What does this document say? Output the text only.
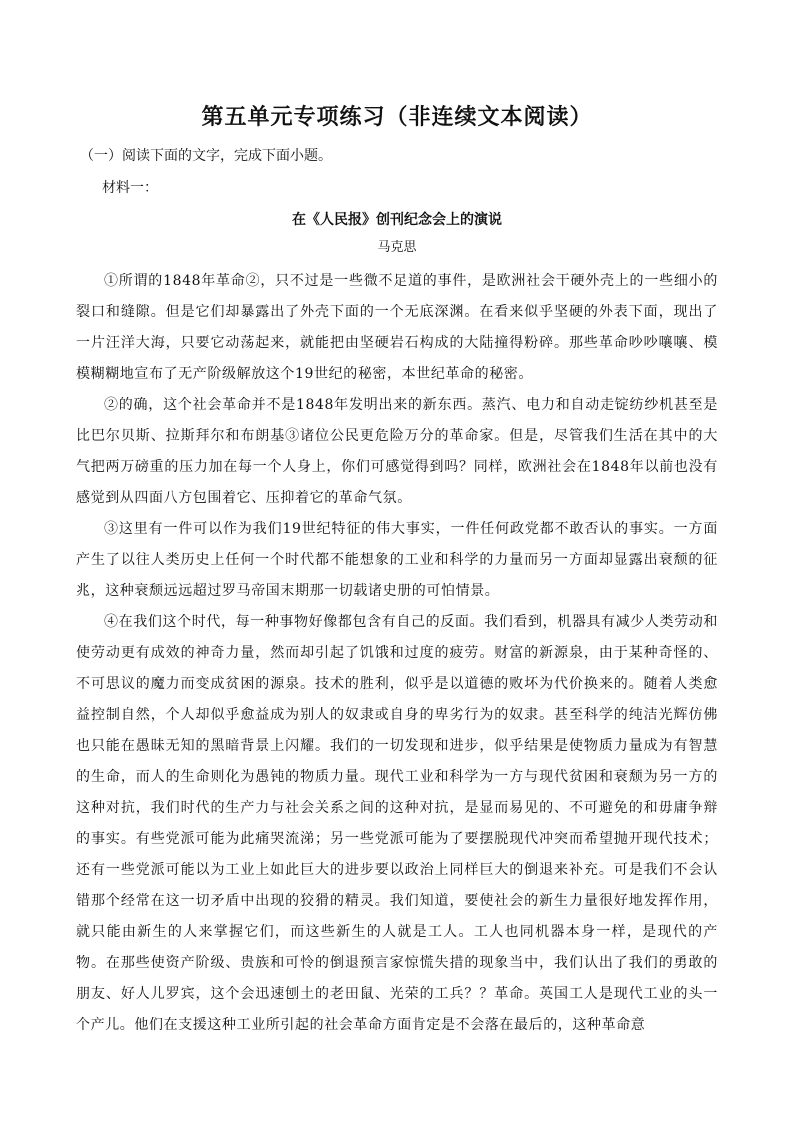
第五单元专项练习（非连续文本阅读）

（一）阅读下面的文字，完成下面小题。

材料一：

在《人民报》创刊纪念会上的演说

马克思

①所谓的1848年革命②，只不过是一些微不足道的事件，是欧洲社会干硬外壳上的一些细小的裂口和缝隙。但是它们却暴露出了外壳下面的一个无底深渊。在看来似乎坚硬的外表下面，现出了一片汪洋大海，只要它动荡起来，就能把由坚硬岩石构成的大陆撞得粉碎。那些革命吵吵嚷嚷、模模糊糊地宣布了无产阶级解放这个19世纪的秘密，本世纪革命的秘密。

②的确，这个社会革命并不是1848年发明出来的新东西。蒸汽、电力和自动走锭纺纱机甚至是比巴尔贝斯、拉斯拜尔和布朗基③诸位公民更危险万分的革命家。但是，尽管我们生活在其中的大气把两万磅重的压力加在每一个人身上，你们可感觉得到吗？同样，欧洲社会在1848年以前也没有感觉到从四面八方包围着它、压抑着它的革命气氛。

③这里有一件可以作为我们19世纪特征的伟大事实，一件任何政党都不敢否认的事实。一方面产生了以往人类历史上任何一个时代都不能想象的工业和科学的力量而另一方面却显露出衰颓的征兆，这种衰颓远远超过罗马帝国末期那一切载诸史册的可怕情景。

④在我们这个时代，每一种事物好像都包含有自己的反面。我们看到，机器具有减少人类劳动和使劳动更有成效的神奇力量，然而却引起了饥饿和过度的疲劳。财富的新源泉，由于某种奇怪的、不可思议的魔力而变成贫困的源泉。技术的胜利，似乎是以道德的败坏为代价换来的。随着人类愈益控制自然，个人却似乎愈益成为别人的奴隶或自身的卑劣行为的奴隶。甚至科学的纯洁光辉仿佛也只能在愚昧无知的黑暗背景上闪耀。我们的一切发现和进步，似乎结果是使物质力量成为有智慧的生命，而人的生命则化为愚钝的物质力量。现代工业和科学为一方与现代贫困和衰颓为另一方的这种对抗，我们时代的生产力与社会关系之间的这种对抗，是显而易见的、不可避免的和毋庸争辩的事实。有些党派可能为此痛哭流涕；另一些党派可能为了要摆脱现代冲突而希望抛开现代技术；还有一些党派可能以为工业上如此巨大的进步要以政治上同样巨大的倒退来补充。可是我们不会认错那个经常在这一切矛盾中出现的狡猾的精灵。我们知道，要使社会的新生力量很好地发挥作用，就只能由新生的人来掌握它们，而这些新生的人就是工人。工人也同机器本身一样，是现代的产物。在那些使资产阶级、贵族和可怜的倒退预言家惊慌失措的现象当中，我们认出了我们的勇敢的朋友、好人儿罗宾，这个会迅速刨土的老田鼠、光荣的工兵？？革命。英国工人是现代工业的头一个产儿。他们在支援这种工业所引起的社会革命方面肯定是不会落在最后的，这种革命意
